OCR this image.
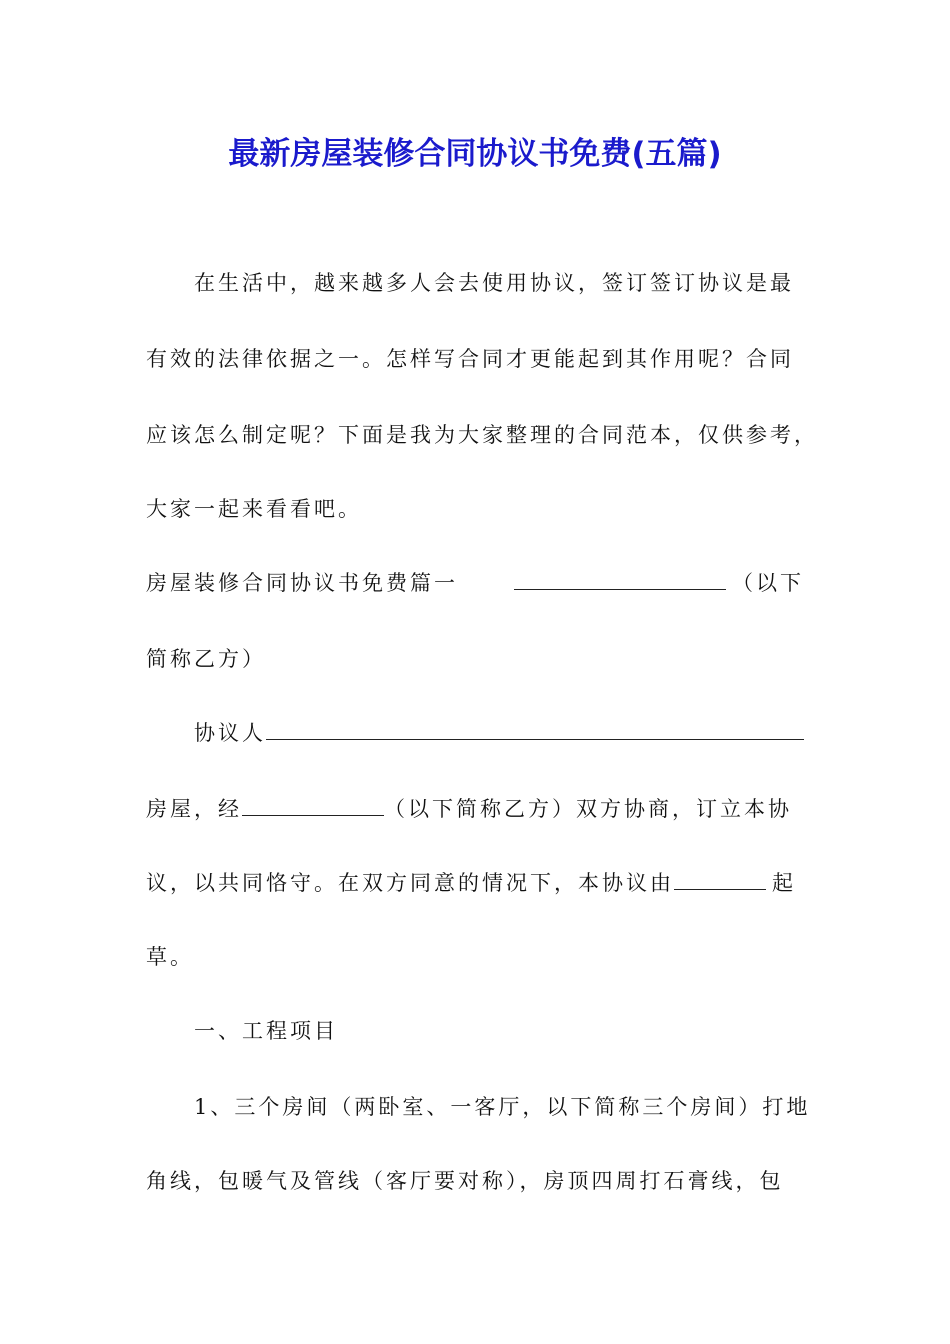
最新房屋装修合同协议书免费(五篇)
在生活中，越来越多人会去使用协议，签订签订协议是最
有效的法律依据之一。怎样写合同才更能起到其作用呢？合同
应该怎么制定呢？下面是我为大家整理的合同范本，仅供参考，
大家一起来看看吧。
房屋装修合同协议书免费篇一	（以下
简称乙方）
协议人
房屋，经	（以下简称乙方）双方协商，订立本协
议，以共同恪守。在双方同意的情况下，本协议由	起
草。
一、工程项目
1、三个房间（两卧室、一客厅，以下简称三个房间）打地
角线，包暖气及管线（客厅要对称），房顶四周打石膏线，包
